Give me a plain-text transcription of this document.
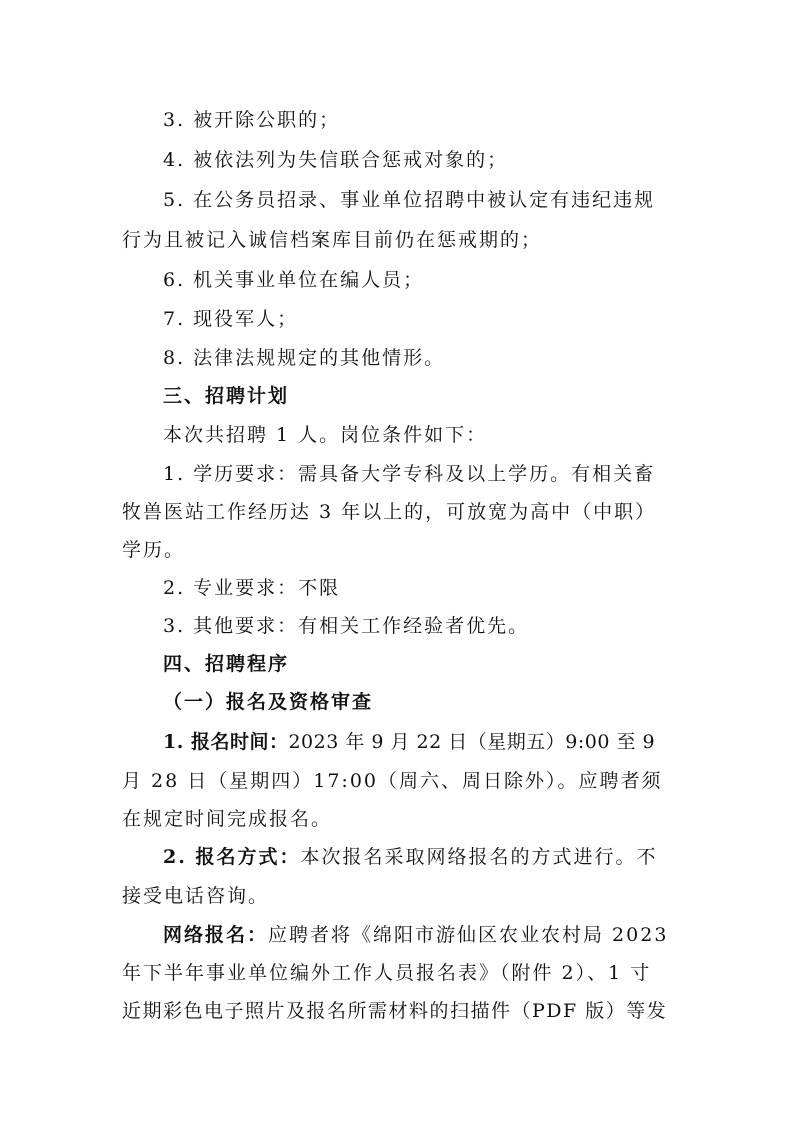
3. 被开除公职的；
4. 被依法列为失信联合惩戒对象的；
5. 在公务员招录、事业单位招聘中被认定有违纪违规
行为且被记入诚信档案库目前仍在惩戒期的；
6. 机关事业单位在编人员；
7. 现役军人；
8. 法律法规规定的其他情形。
三、招聘计划
本次共招聘 1 人。岗位条件如下：
1. 学历要求：需具备大学专科及以上学历。有相关畜
牧兽医站工作经历达 3 年以上的，可放宽为高中（中职）
学历。
2. 专业要求：不限
3. 其他要求：有相关工作经验者优先。
四、招聘程序
（一）报名及资格审查
1. 报名时间：2023 年 9 月 22 日（星期五）9:00 至 9
月 28 日（星期四）17:00（周六、周日除外）。应聘者须
在规定时间完成报名。
2. 报名方式：本次报名采取网络报名的方式进行。不
接受电话咨询。
网络报名：应聘者将《绵阳市游仙区农业农村局 2023
年下半年事业单位编外工作人员报名表》（附件 2）、1 寸
近期彩色电子照片及报名所需材料的扫描件（PDF 版）等发
